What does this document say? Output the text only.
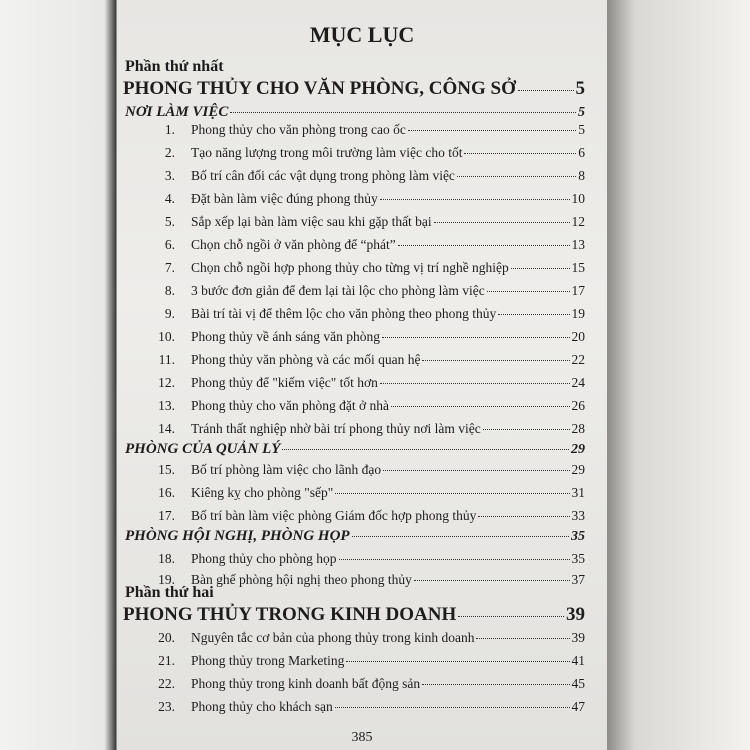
MỤC LỤC
Phần thứ nhất
PHONG THỦY CHO VĂN PHÒNG, CÔNG SỞ	5
NƠI LÀM VIỆC	5
1.	Phong thủy cho văn phòng trong cao ốc	5
2.	Tạo năng lượng trong môi trường làm việc cho tốt	6
3.	Bố trí cân đối các vật dụng trong phòng làm việc	8
4.	Đặt bàn làm việc đúng phong thủy	10
5.	Sắp xếp lại bàn làm việc sau khi gặp thất bại	12
6.	Chọn chỗ ngồi ở văn phòng để “phát”	13
7.	Chọn chỗ ngồi hợp phong thủy cho từng vị trí nghề nghiệp	15
8.	3 bước đơn giản để đem lại tài lộc cho phòng làm việc	17
9.	Bài trí tài vị để thêm lộc cho văn phòng theo phong thủy	19
10.	Phong thủy về ánh sáng văn phòng	20
11.	Phong thủy văn phòng và các mối quan hệ	22
12.	Phong thủy để "kiếm việc" tốt hơn	24
13.	Phong thủy cho văn phòng đặt ở nhà	26
14.	Tránh thất nghiệp nhờ bài trí phong thủy nơi làm việc	28
PHÒNG CỦA QUẢN LÝ	29
15.	Bố trí phòng làm việc cho lãnh đạo	29
16.	Kiêng kỵ cho phòng "sếp"	31
17.	Bố trí bàn làm việc phòng Giám đốc hợp phong thủy	33
PHÒNG HỘI NGHỊ, PHÒNG HỌP	35
18.	Phong thủy cho phòng họp	35
19.	Bàn ghế phòng hội nghị theo phong thủy	37
Phần thứ hai
PHONG THỦY TRONG KINH DOANH	39
20.	Nguyên tắc cơ bản của phong thủy trong kinh doanh	39
21.	Phong thủy trong Marketing	41
22.	Phong thủy trong kinh doanh bất động sản	45
23.	Phong thủy cho khách sạn	47
385
